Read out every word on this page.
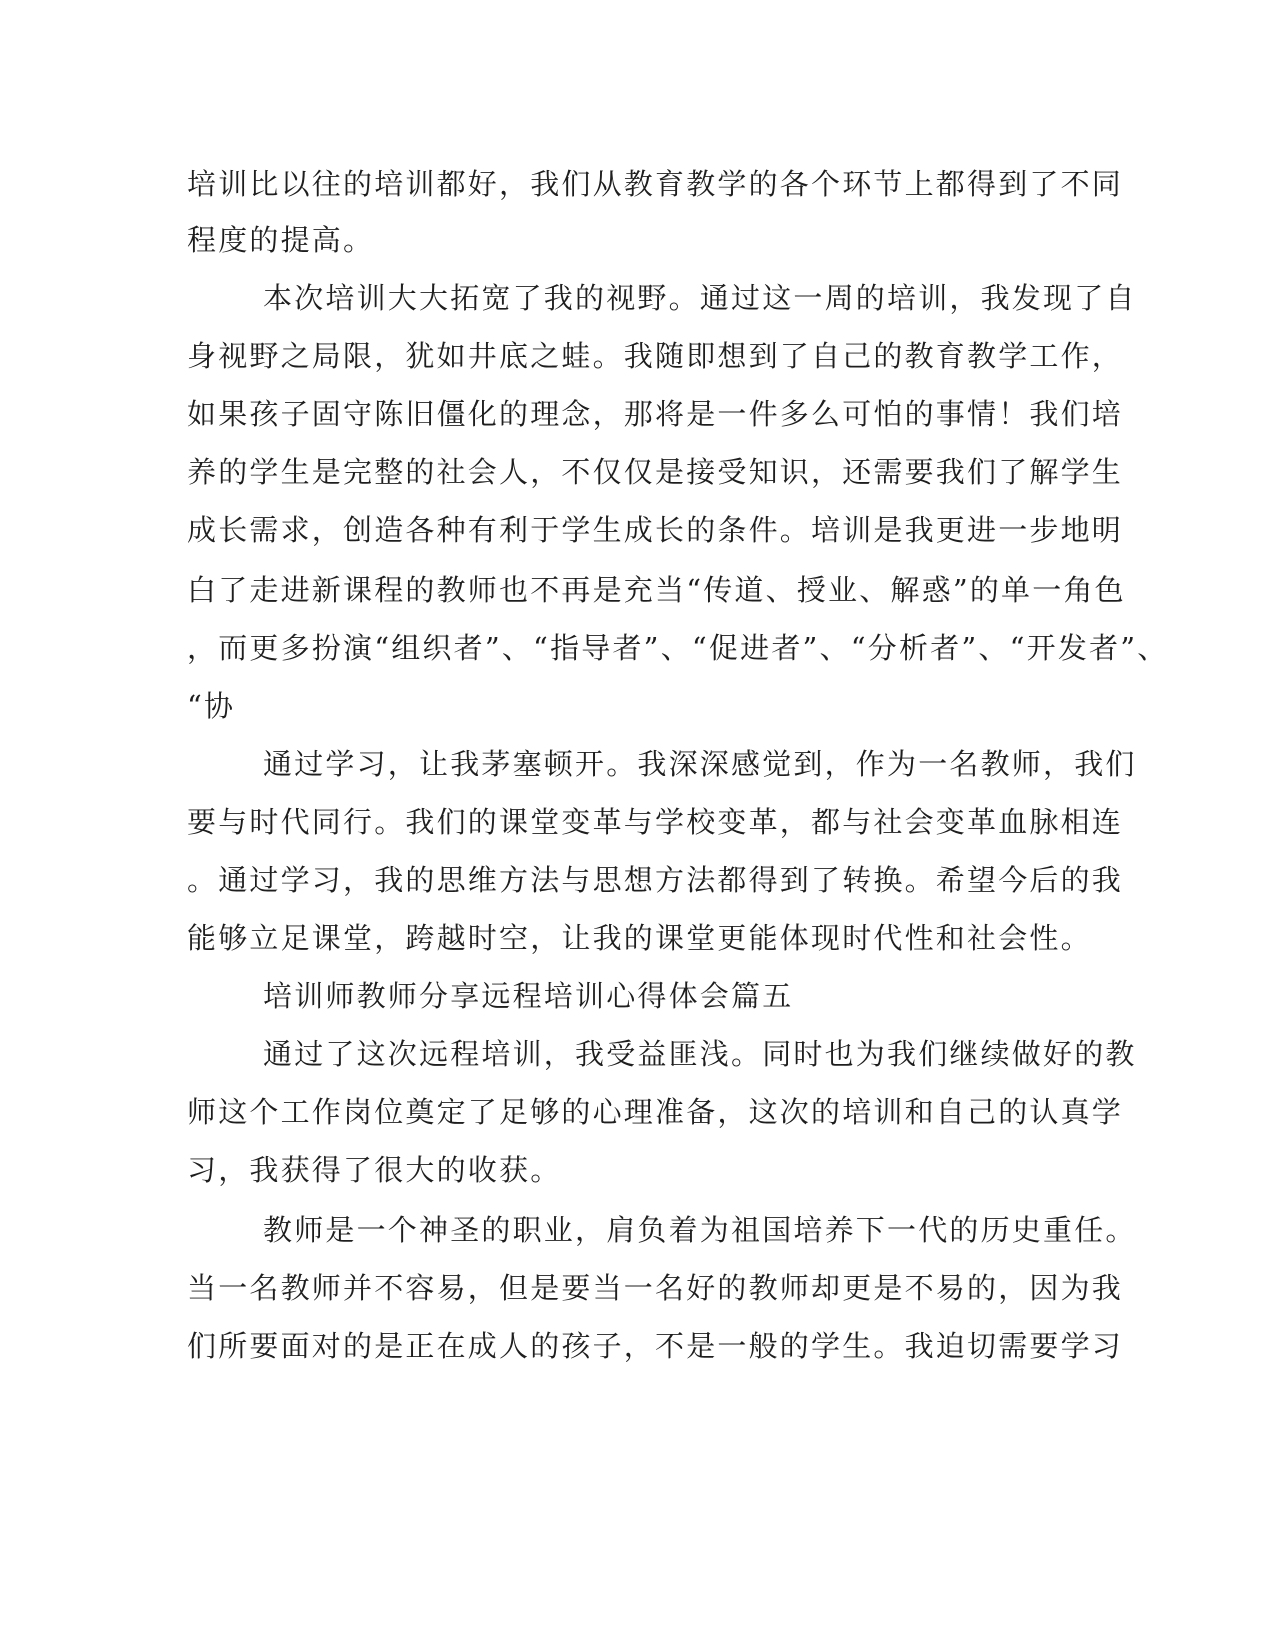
培训比以往的培训都好，我们从教育教学的各个环节上都得到了不同
程度的提高。
本次培训大大拓宽了我的视野。通过这一周的培训，我发现了自
身视野之局限，犹如井底之蛙。我随即想到了自己的教育教学工作，
如果孩子固守陈旧僵化的理念，那将是一件多么可怕的事情！我们培
养的学生是完整的社会人，不仅仅是接受知识，还需要我们了解学生
成长需求，创造各种有利于学生成长的条件。培训是我更进一步地明
白了走进新课程的教师也不再是充当“传道、授业、解惑”的单一角色
，而更多扮演“组织者”、“指导者”、“促进者”、“分析者”、“开发者”、
“协
通过学习，让我茅塞顿开。我深深感觉到，作为一名教师，我们
要与时代同行。我们的课堂变革与学校变革，都与社会变革血脉相连
。通过学习，我的思维方法与思想方法都得到了转换。希望今后的我
能够立足课堂，跨越时空，让我的课堂更能体现时代性和社会性。
培训师教师分享远程培训心得体会篇五
通过了这次远程培训，我受益匪浅。同时也为我们继续做好的教
师这个工作岗位奠定了足够的心理准备，这次的培训和自己的认真学
习，我获得了很大的收获。
教师是一个神圣的职业，肩负着为祖国培养下一代的历史重任。
当一名教师并不容易，但是要当一名好的教师却更是不易的，因为我
们所要面对的是正在成人的孩子，不是一般的学生。我迫切需要学习
